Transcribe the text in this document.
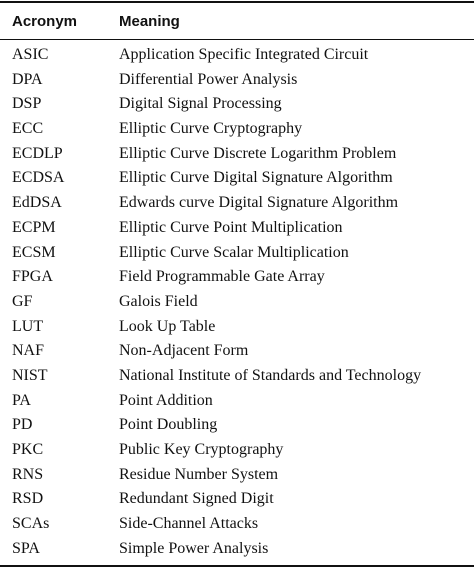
Acronym	Meaning
ASIC	Application Specific Integrated Circuit
DPA	Differential Power Analysis
DSP	Digital Signal Processing
ECC	Elliptic Curve Cryptography
ECDLP	Elliptic Curve Discrete Logarithm Problem
ECDSA	Elliptic Curve Digital Signature Algorithm
EdDSA	Edwards curve Digital Signature Algorithm
ECPM	Elliptic Curve Point Multiplication
ECSM	Elliptic Curve Scalar Multiplication
FPGA	Field Programmable Gate Array
GF	Galois Field
LUT	Look Up Table
NAF	Non-Adjacent Form
NIST	National Institute of Standards and Technology
PA	Point Addition
PD	Point Doubling
PKC	Public Key Cryptography
RNS	Residue Number System
RSD	Redundant Signed Digit
SCAs	Side-Channel Attacks
SPA	Simple Power Analysis
